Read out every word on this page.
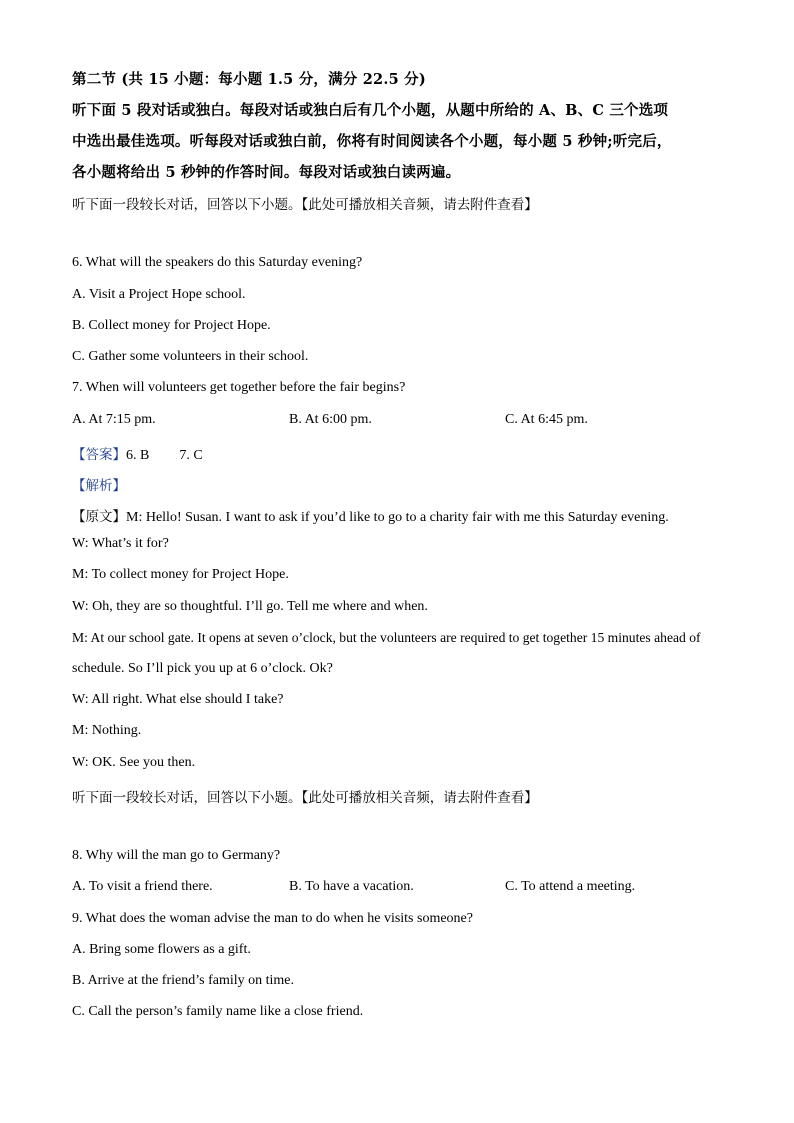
第二节 (共 15 小题：每小题 1.5 分，满分 22.5 分)
听下面 5 段对话或独白。每段对话或独白后有几个小题，从题中所给的 A、B、C 三个选项
中选出最佳选项。听每段对话或独白前，你将有时间阅读各个小题，每小题 5 秒钟;听完后，
各小题将给出 5 秒钟的作答时间。每段对话或独白读两遍。
听下面一段较长对话，回答以下小题。【此处可播放相关音频，请去附件查看】
6. What will the speakers do this Saturday evening?
A. Visit a Project Hope school.
B. Collect money for Project Hope.
C. Gather some volunteers in their school.
7. When will volunteers get together before the fair begins?
A. At 7:15 pm.	B. At 6:00 pm.	C. At 6:45 pm.
【答案】6. B 7. C
【解析】
【原文】M: Hello! Susan. I want to ask if you’d like to go to a charity fair with me this Saturday evening.
W: What’s it for?
M: To collect money for Project Hope.
W: Oh, they are so thoughtful. I’ll go. Tell me where and when.
M: At our school gate. It opens at seven o’clock, but the volunteers are required to get together 15 minutes ahead of
schedule. So I’ll pick you up at 6 o’clock. Ok?
W: All right. What else should I take?
M: Nothing.
W: OK. See you then.
听下面一段较长对话，回答以下小题。【此处可播放相关音频，请去附件查看】
8. Why will the man go to Germany?
A. To visit a friend there.	B. To have a vacation.	C. To attend a meeting.
9. What does the woman advise the man to do when he visits someone?
A. Bring some flowers as a gift.
B. Arrive at the friend’s family on time.
C. Call the person’s family name like a close friend.
